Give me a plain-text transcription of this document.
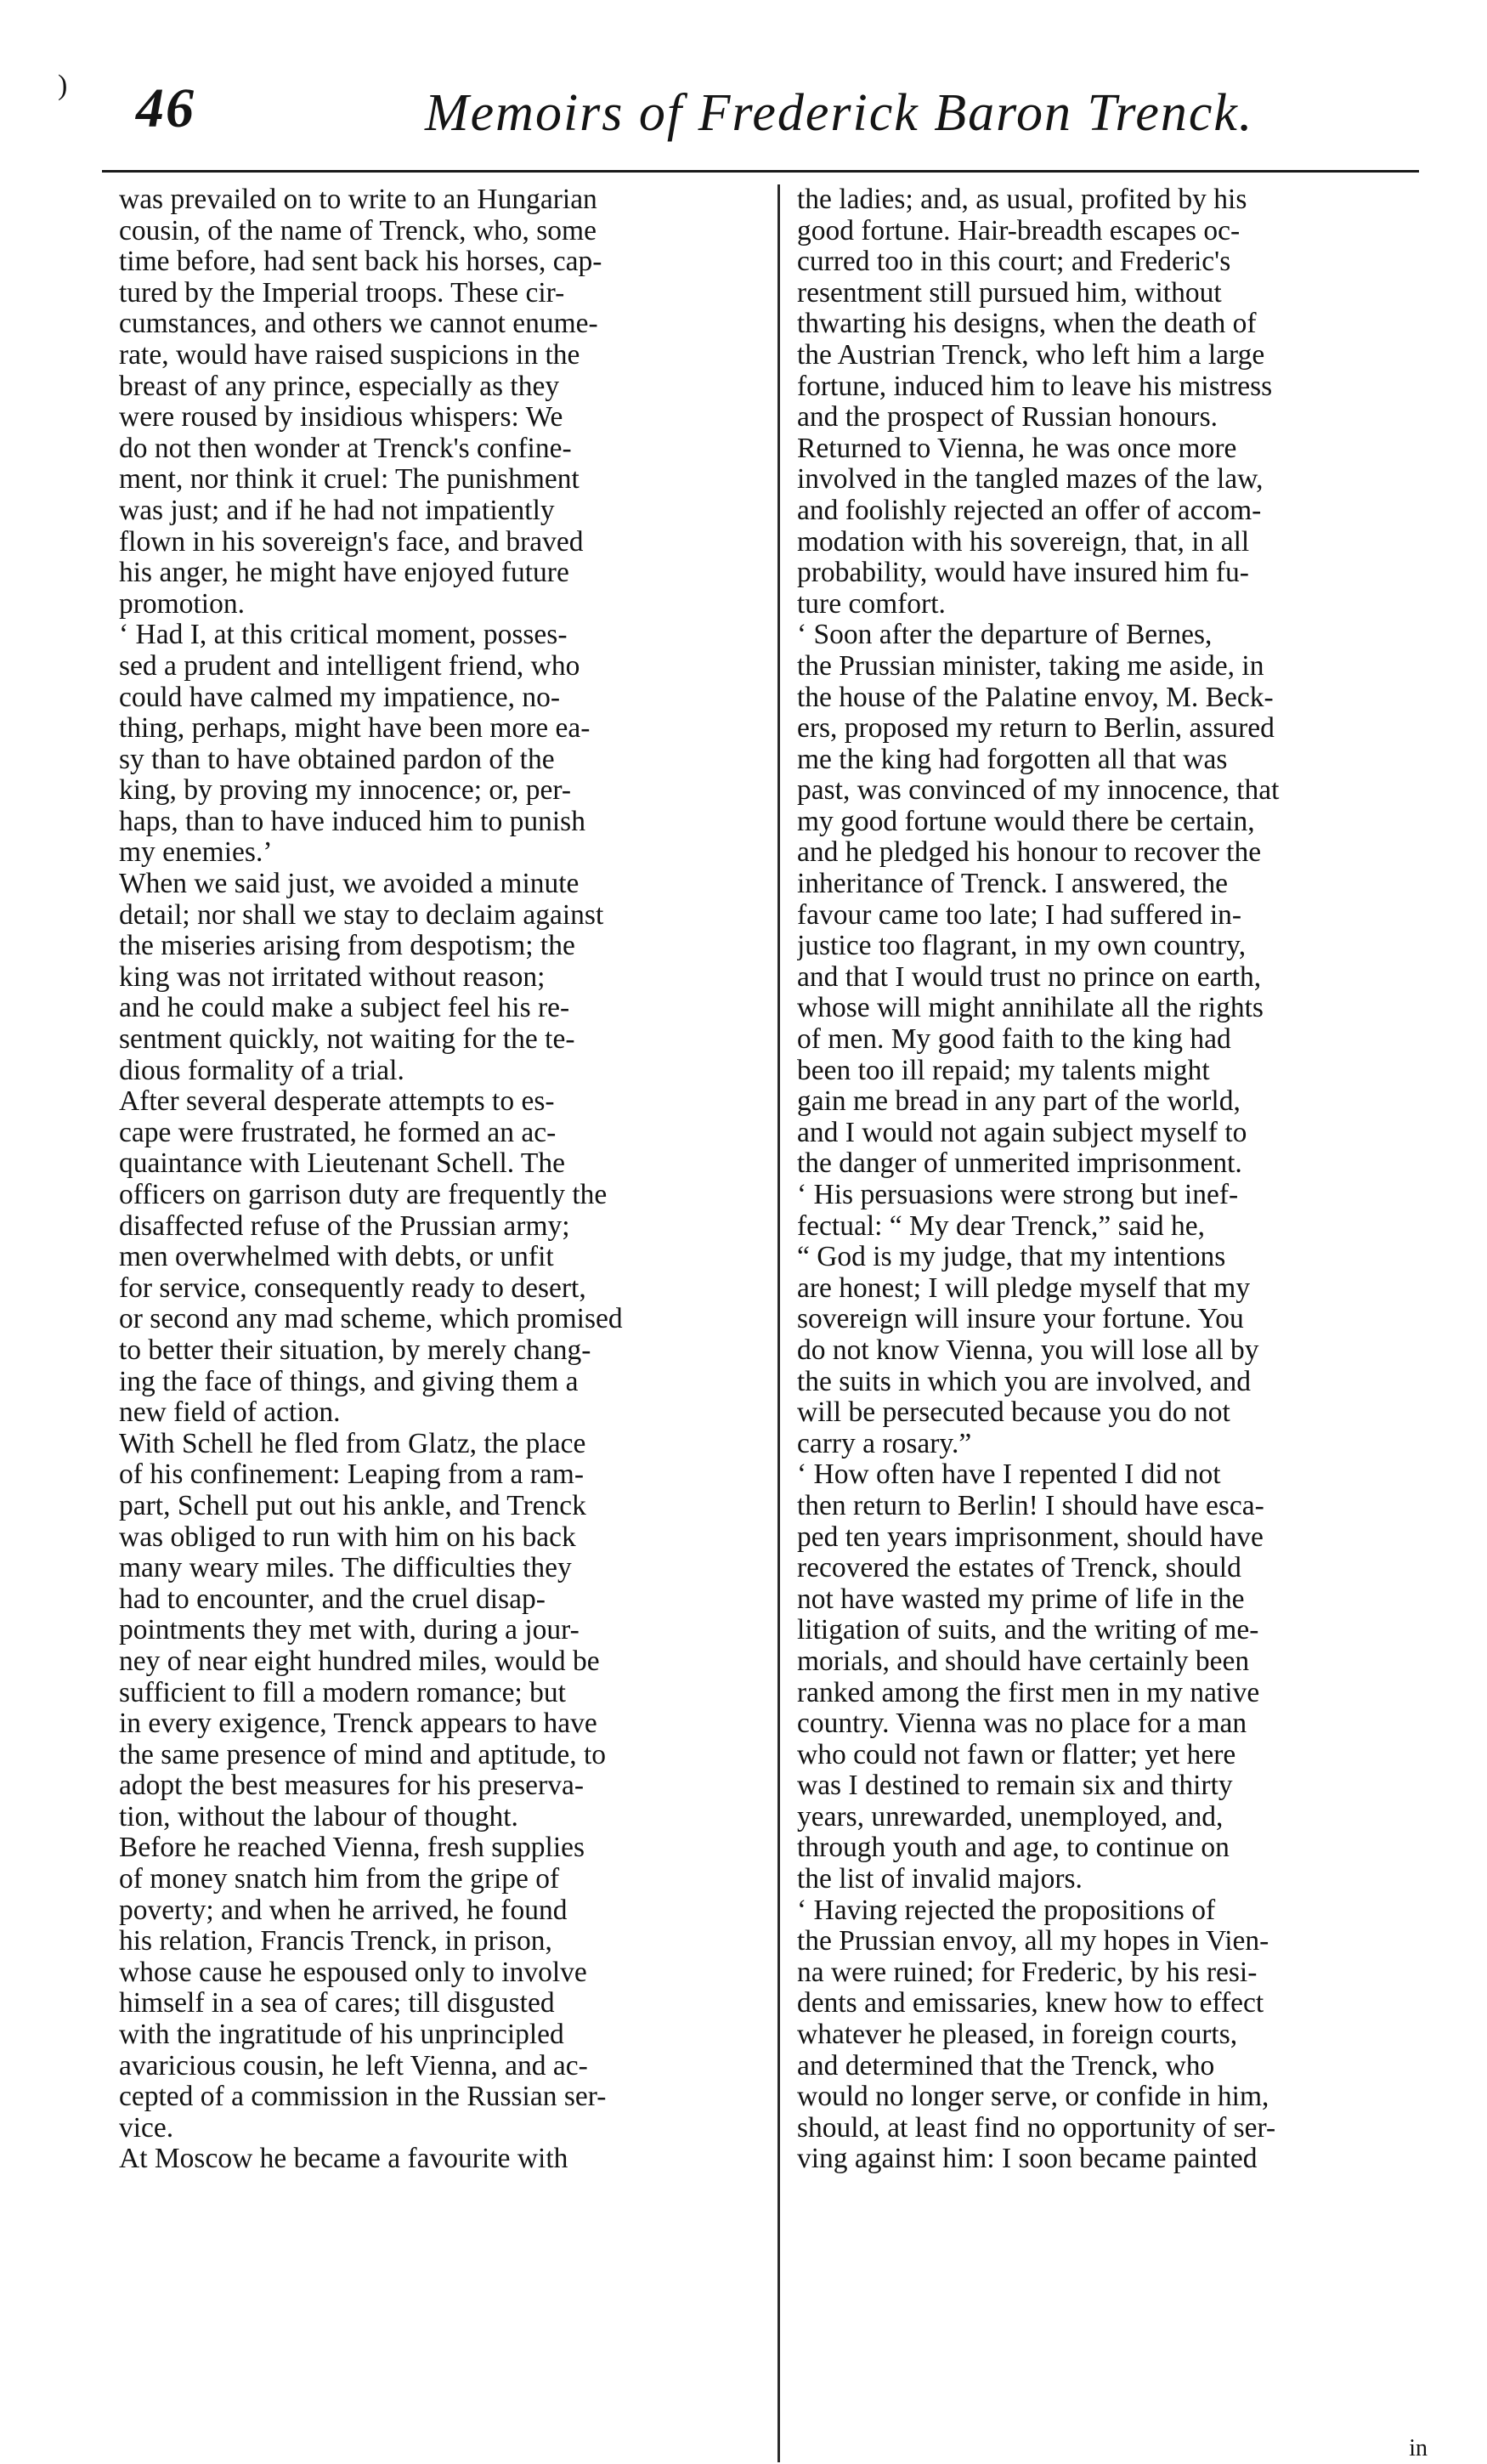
) 46	Memoirs of Frederick Baron Trenck.
was prevailed on to write to an Hungarian
cousin, of the name of Trenck, who, some
time before, had sent back his horses, cap-
tured by the Imperial troops. These cir-
cumstances, and others we cannot enume-
rate, would have raised suspicions in the
breast of any prince, especially as they
were roused by insidious whispers: We
do not then wonder at Trenck's confine-
ment, nor think it cruel: The punishment
was just; and if he had not impatiently
flown in his sovereign's face, and braved
his anger, he might have enjoyed future
promotion.
‘ Had I, at this critical moment, posses-
sed a prudent and intelligent friend, who
could have calmed my impatience, no-
thing, perhaps, might have been more ea-
sy than to have obtained pardon of the
king, by proving my innocence; or, per-
haps, than to have induced him to punish
my enemies.’
When we said just, we avoided a minute
detail; nor shall we stay to declaim against
the miseries arising from despotism; the
king was not irritated without reason;
and he could make a subject feel his re-
sentment quickly, not waiting for the te-
dious formality of a trial.
After several desperate attempts to es-
cape were frustrated, he formed an ac-
quaintance with Lieutenant Schell. The
officers on garrison duty are frequently the
disaffected refuse of the Prussian army;
men overwhelmed with debts, or unfit
for service, consequently ready to desert,
or second any mad scheme, which promised
to better their situation, by merely chang-
ing the face of things, and giving them a
new field of action.
With Schell he fled from Glatz, the place
of his confinement: Leaping from a ram-
part, Schell put out his ankle, and Trenck
was obliged to run with him on his back
many weary miles. The difficulties they
had to encounter, and the cruel disap-
pointments they met with, during a jour-
ney of near eight hundred miles, would be
sufficient to fill a modern romance; but
in every exigence, Trenck appears to have
the same presence of mind and aptitude, to
adopt the best measures for his preserva-
tion, without the labour of thought.
Before he reached Vienna, fresh supplies
of money snatch him from the gripe of
poverty; and when he arrived, he found
his relation, Francis Trenck, in prison,
whose cause he espoused only to involve
himself in a sea of cares; till disgusted
with the ingratitude of his unprincipled
avaricious cousin, he left Vienna, and ac-
cepted of a commission in the Russian ser-
vice.
At Moscow he became a favourite with
the ladies; and, as usual, profited by his
good fortune. Hair-breadth escapes oc-
curred too in this court; and Frederic's
resentment still pursued him, without
thwarting his designs, when the death of
the Austrian Trenck, who left him a large
fortune, induced him to leave his mistress
and the prospect of Russian honours.
Returned to Vienna, he was once more
involved in the tangled mazes of the law,
and foolishly rejected an offer of accom-
modation with his sovereign, that, in all
probability, would have insured him fu-
ture comfort.
‘ Soon after the departure of Bernes,
the Prussian minister, taking me aside, in
the house of the Palatine envoy, M. Beck-
ers, proposed my return to Berlin, assured
me the king had forgotten all that was
past, was convinced of my innocence, that
my good fortune would there be certain,
and he pledged his honour to recover the
inheritance of Trenck. I answered, the
favour came too late; I had suffered in-
justice too flagrant, in my own country,
and that I would trust no prince on earth,
whose will might annihilate all the rights
of men. My good faith to the king had
been too ill repaid; my talents might
gain me bread in any part of the world,
and I would not again subject myself to
the danger of unmerited imprisonment.
‘ His persuasions were strong but inef-
fectual: “ My dear Trenck,” said he,
“ God is my judge, that my intentions
are honest; I will pledge myself that my
sovereign will insure your fortune. You
do not know Vienna, you will lose all by
the suits in which you are involved, and
will be persecuted because you do not
carry a rosary.”
‘ How often have I repented I did not
then return to Berlin! I should have esca-
ped ten years imprisonment, should have
recovered the estates of Trenck, should
not have wasted my prime of life in the
litigation of suits, and the writing of me-
morials, and should have certainly been
ranked among the first men in my native
country. Vienna was no place for a man
who could not fawn or flatter; yet here
was I destined to remain six and thirty
years, unrewarded, unemployed, and,
through youth and age, to continue on
the list of invalid majors.
‘ Having rejected the propositions of
the Prussian envoy, all my hopes in Vien-
na were ruined; for Frederic, by his resi-
dents and emissaries, knew how to effect
whatever he pleased, in foreign courts,
and determined that the Trenck, who
would no longer serve, or confide in him,
should, at least find no opportunity of ser-
ving against him: I soon became painted
in
